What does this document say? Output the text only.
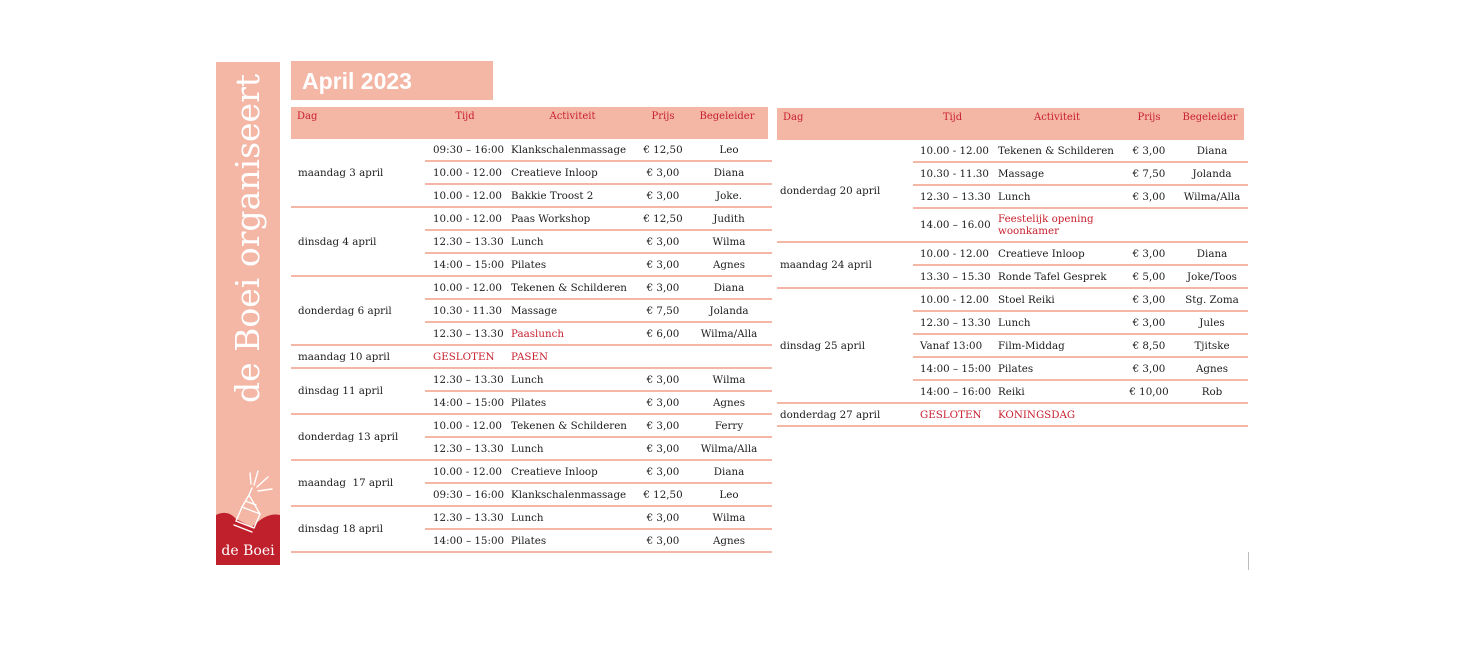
de Boei organiseert
de Boei
April 2023
Dag	Tijd	Activiteit	Prijs	Begeleider
maandag 3 april
09:30 – 16:00 Klankschalenmassage	€ 12,50	Leo
10.00 - 12.00 Creatieve Inloop	€ 3,00	Diana
10.00 - 12.00 Bakkie Troost 2	€ 3,00	Joke.
dinsdag 4 april
10.00 - 12.00 Paas Workshop	€ 12,50	Judith
12.30 – 13.30 Lunch	€ 3,00	Wilma
14:00 – 15:00 Pilates	€ 3,00	Agnes
donderdag 6 april
10.00 - 12.00 Tekenen & Schilderen	€ 3,00	Diana
10.30 - 11.30 Massage	€ 7,50	Jolanda
12.30 – 13.30 Paaslunch	€ 6,00	Wilma/Alla
maandag 10 april	GESLOTEN	PASEN
dinsdag 11 april
12.30 – 13.30 Lunch	€ 3,00	Wilma
14:00 – 15:00 Pilates	€ 3,00	Agnes
donderdag 13 april
10.00 - 12.00 Tekenen & Schilderen	€ 3,00	Ferry
12.30 – 13.30 Lunch	€ 3,00	Wilma/Alla
maandag  17 april
10.00 - 12.00 Creatieve Inloop	€ 3,00	Diana
09:30 – 16:00 Klankschalenmassage	€ 12,50	Leo
dinsdag 18 april
12.30 – 13.30 Lunch	€ 3,00	Wilma
14:00 – 15:00 Pilates	€ 3,00	Agnes
Dag	Tijd	Activiteit	Prijs	Begeleider
donderdag 20 april
10.00 - 12.00 Tekenen & Schilderen	€ 3,00	Diana
10.30 - 11.30 Massage	€ 7,50	Jolanda
12.30 – 13.30 Lunch	€ 3,00	Wilma/Alla
14.00 – 16.00 Feestelijk opening woonkamer
maandag 24 april
10.00 - 12.00 Creatieve Inloop	€ 3,00	Diana
13.30 – 15.30 Ronde Tafel Gesprek	€ 5,00	Joke/Toos
dinsdag 25 april
10.00 - 12.00 Stoel Reiki	€ 3,00	Stg. Zoma
12.30 – 13.30 Lunch	€ 3,00	Jules
Vanaf 13:00	Film-Middag	€ 8,50	Tjitske
14:00 – 15:00 Pilates	€ 3,00	Agnes
14:00 – 16:00 Reiki	€ 10,00	Rob
donderdag 27 april	GESLOTEN	KONINGSDAG
